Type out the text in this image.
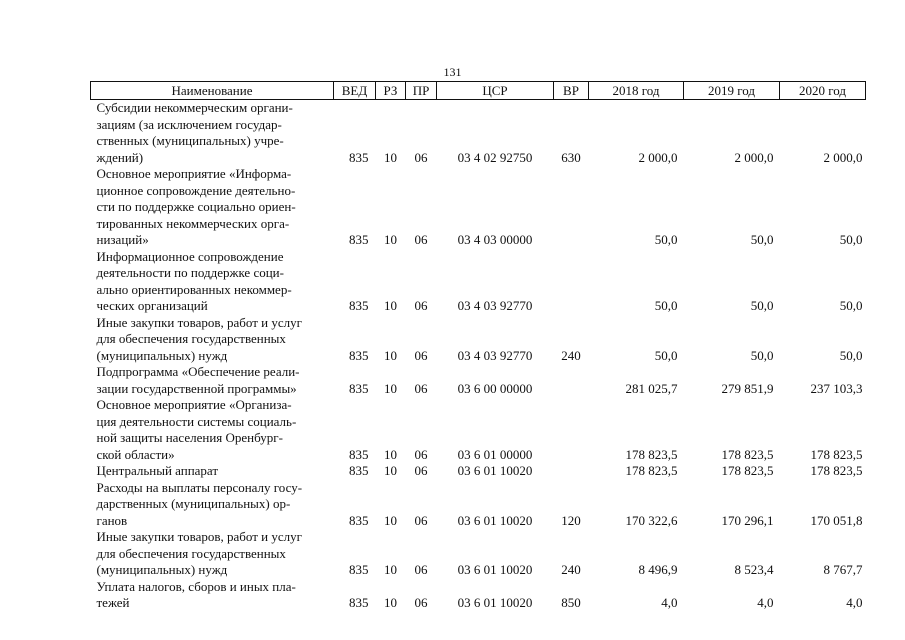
131
Наименование	ВЕД	РЗ	ПР	ЦСР	ВР	2018 год	2019 год	2020 год

Субсидии некоммерческим органи-
зациям (за исключением государ-
ственных (муниципальных) учре-
ждений)	835	10	06	03 4 02 92750	630	2 000,0	2 000,0	2 000,0

Основное мероприятие «Информа-
ционное сопровождение деятельно-
сти по поддержке социально ориен-
тированных некоммерческих орга-
низаций»	835	10	06	03 4 03 00000		50,0	50,0	50,0

Информационное сопровождение
деятельности по поддержке соци-
ально ориентированных некоммер-
ческих организаций	835	10	06	03 4 03 92770		50,0	50,0	50,0

Иные закупки товаров, работ и услуг
для обеспечения государственных
(муниципальных) нужд	835	10	06	03 4 03 92770	240	50,0	50,0	50,0

Подпрограмма «Обеспечение реали-
зации государственной программы»	835	10	06	03 6 00 00000		281 025,7	279 851,9	237 103,3

Основное мероприятие «Организа-
ция деятельности системы социаль-
ной защиты населения Оренбург-
ской области»	835	10	06	03 6 01 00000		178 823,5	178 823,5	178 823,5

Центральный аппарат	835	10	06	03 6 01 10020		178 823,5	178 823,5	178 823,5

Расходы на выплаты персоналу госу-
дарственных (муниципальных) ор-
ганов	835	10	06	03 6 01 10020	120	170 322,6	170 296,1	170 051,8

Иные закупки товаров, работ и услуг
для обеспечения государственных
(муниципальных) нужд	835	10	06	03 6 01 10020	240	8 496,9	8 523,4	8 767,7

Уплата налогов, сборов и иных пла-
тежей	835	10	06	03 6 01 10020	850	4,0	4,0	4,0
